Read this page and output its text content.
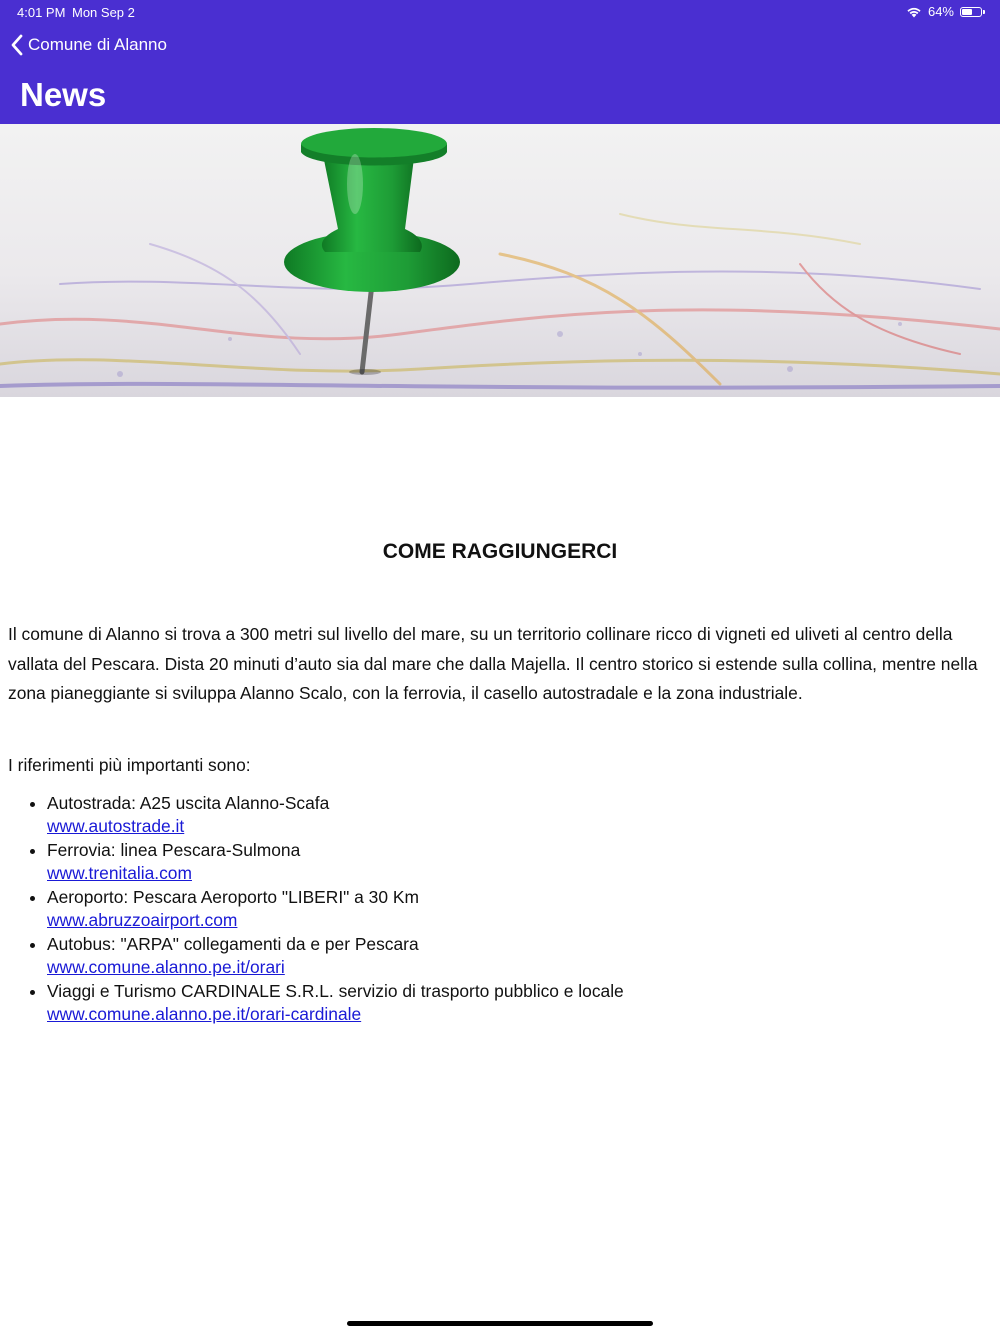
4:01 PM Mon Sep 2	64%
Comune di Alanno
News
COME RAGGIUNGERCI

Il comune di Alanno si trova a 300 metri sul livello del mare, su un territorio collinare ricco di vigneti ed uliveti al centro della vallata del Pescara. Dista 20 minuti d’auto sia dal mare che dalla Majella. Il centro storico si estende sulla collina, mentre nella zona pianeggiante si sviluppa Alanno Scalo, con la ferrovia, il casello autostradale e la zona industriale.

I riferimenti più importanti sono:

• Autostrada: A25 uscita Alanno-Scafa
www.autostrade.it
• Ferrovia: linea Pescara-Sulmona
www.trenitalia.com
• Aeroporto: Pescara Aeroporto "LIBERI" a 30 Km
www.abruzzoairport.com
• Autobus: "ARPA" collegamenti da e per Pescara
www.comune.alanno.pe.it/orari
• Viaggi e Turismo CARDINALE S.R.L. servizio di trasporto pubblico e locale
www.comune.alanno.pe.it/orari-cardinale
